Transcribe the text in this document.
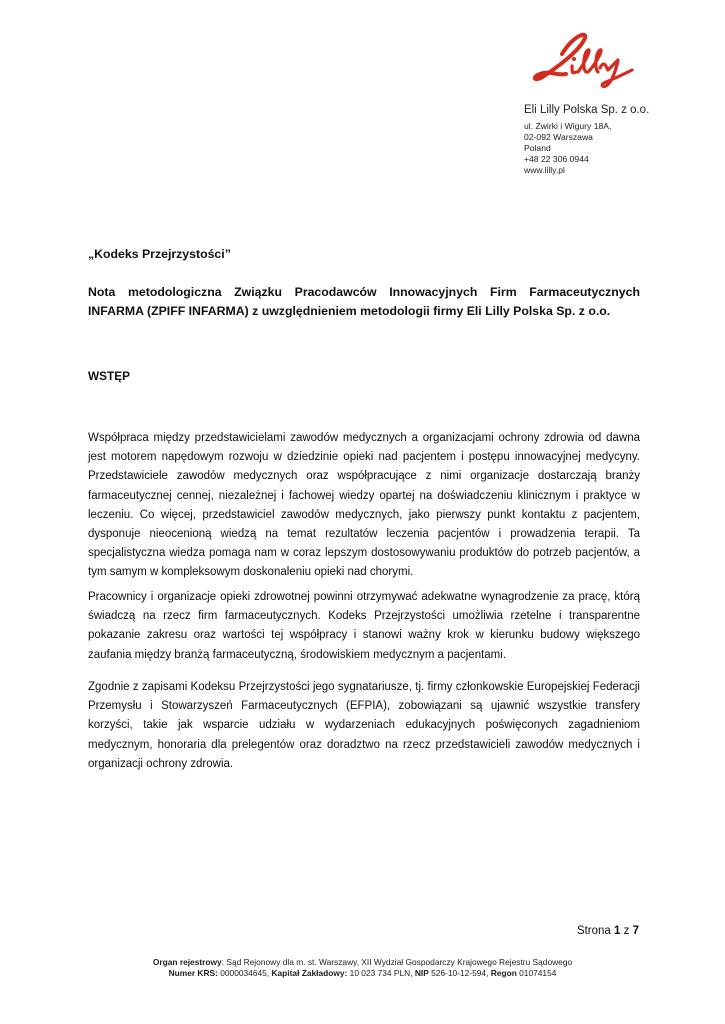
Eli Lilly Polska Sp. z o.o.
ul. Żwirki i Wigury 18A,
02-092 Warszawa
Poland
+48 22 306 0944
www.lilly.pl
„Kodeks Przejrzystości”
Nota metodologiczna Związku Pracodawców Innowacyjnych Firm Farmaceutycznych INFARMA (ZPIFF INFARMA) z uwzględnieniem metodologii firmy Eli Lilly Polska Sp. z o.o.
WSTĘP
Współpraca między przedstawicielami zawodów medycznych a organizacjami ochrony zdrowia od dawna jest motorem napędowym rozwoju w dziedzinie opieki nad pacjentem i postępu innowacyjnej medycyny. Przedstawiciele zawodów medycznych oraz współpracujące z nimi organizacje dostarczają branży farmaceutycznej cennej, niezależnej i fachowej wiedzy opartej na doświadczeniu klinicznym i praktyce w leczeniu. Co więcej, przedstawiciel zawodów medycznych, jako pierwszy punkt kontaktu z pacjentem, dysponuje nieocenioną wiedzą na temat rezultatów leczenia pacjentów i prowadzenia terapii. Ta specjalistyczna wiedza pomaga nam w coraz lepszym dostosowywaniu produktów do potrzeb pacjentów, a tym samym w kompleksowym doskonaleniu opieki nad chorymi.
Pracownicy i organizacje opieki zdrowotnej powinni otrzymywać adekwatne wynagrodzenie za pracę, którą świadczą na rzecz firm farmaceutycznych. Kodeks Przejrzystości umożliwia rzetelne i transparentne pokazanie zakresu oraz wartości tej współpracy i stanowi ważny krok w kierunku budowy większego zaufania między branżą farmaceutyczną, środowiskiem medycznym a pacjentami.
Zgodnie z zapisami Kodeksu Przejrzystości jego sygnatariusze, tj. firmy członkowskie Europejskiej Federacji Przemysłu i Stowarzyszeń Farmaceutycznych (EFPIA), zobowiązani są ujawnić wszystkie transfery korzyści, takie jak wsparcie udziału w wydarzeniach edukacyjnych poświęconych zagadnieniom medycznym, honoraria dla prelegentów oraz doradztwo na rzecz przedstawicieli zawodów medycznych i organizacji ochrony zdrowia.
Strona 1 z 7
Organ rejestrowy: Sąd Rejonowy dla m. st. Warszawy, XII Wydział Gospodarczy Krajowego Rejestru Sądowego
Numer KRS: 0000034645, Kapitał Zakładowy: 10 023 734 PLN, NIP 526-10-12-594, Regon 01074154
